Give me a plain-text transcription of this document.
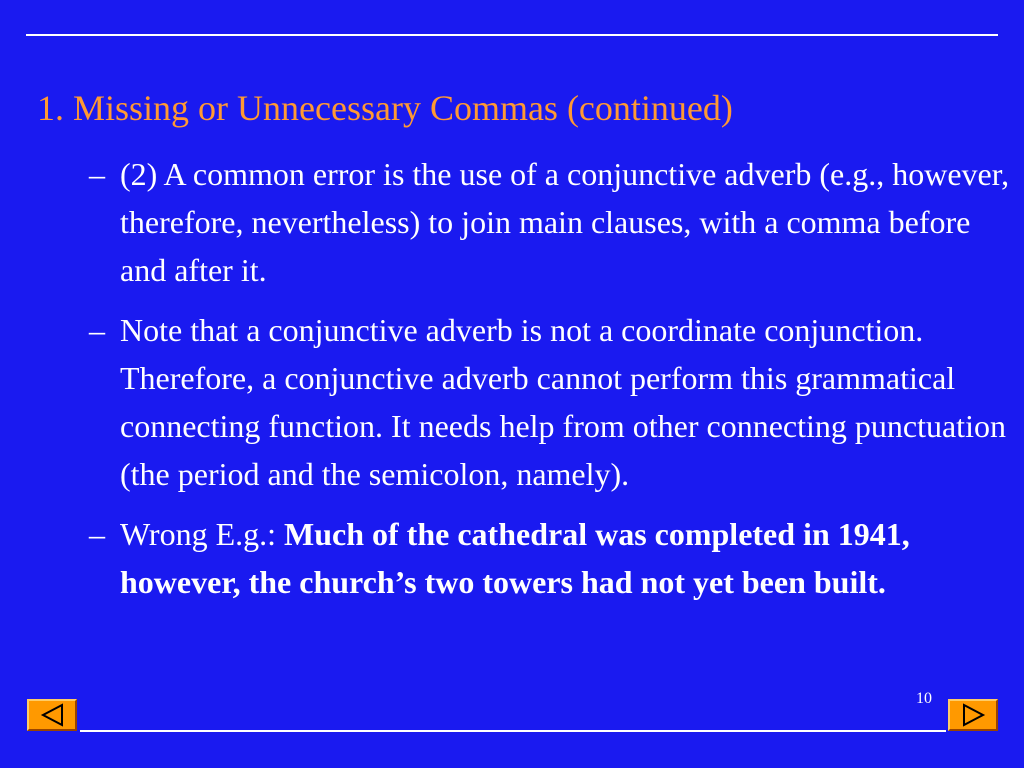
1. Missing or Unnecessary Commas (continued)
– (2) A common error is the use of a conjunctive adverb (e.g., however, therefore, nevertheless) to join main clauses, with a comma before and after it.
– Note that a conjunctive adverb is not a coordinate conjunction. Therefore, a conjunctive adverb cannot perform this grammatical connecting function. It needs help from other connecting punctuation (the period and the semicolon, namely).
– Wrong E.g.: Much of the cathedral was completed in 1941, however, the church’s two towers had not yet been built.
10
